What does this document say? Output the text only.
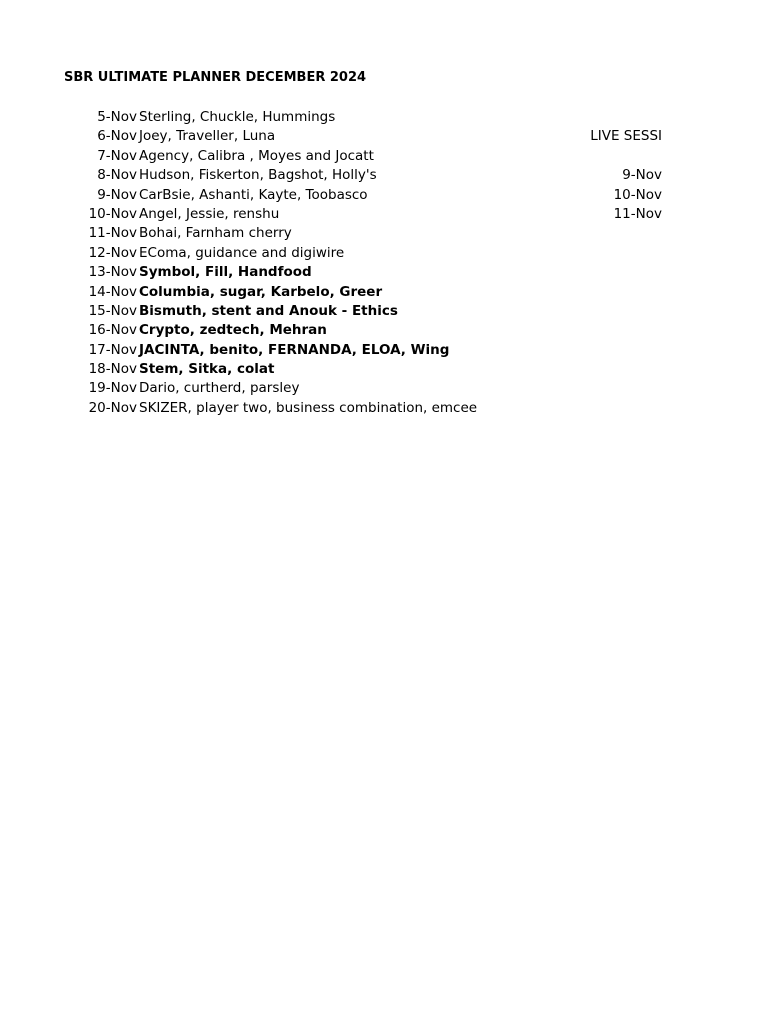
SBR ULTIMATE PLANNER DECEMBER 2024
5-Nov Sterling, Chuckle, Hummings
6-Nov Joey, Traveller, Luna	LIVE SESSI
7-Nov Agency, Calibra , Moyes and Jocatt
8-Nov Hudson, Fiskerton, Bagshot, Holly's	9-Nov
9-Nov CarBsie, Ashanti, Kayte, Toobasco	10-Nov
10-Nov Angel, Jessie, renshu	11-Nov
11-Nov Bohai, Farnham cherry
12-Nov EComa, guidance and digiwire
13-Nov Symbol, Fill, Handfood
14-Nov Columbia, sugar, Karbelo, Greer
15-Nov Bismuth, stent and Anouk - Ethics
16-Nov Crypto, zedtech, Mehran
17-Nov JACINTA, benito, FERNANDA, ELOA, Wing
18-Nov Stem, Sitka, colat
19-Nov Dario, curtherd, parsley
20-Nov SKIZER, player two, business combination, emcee
